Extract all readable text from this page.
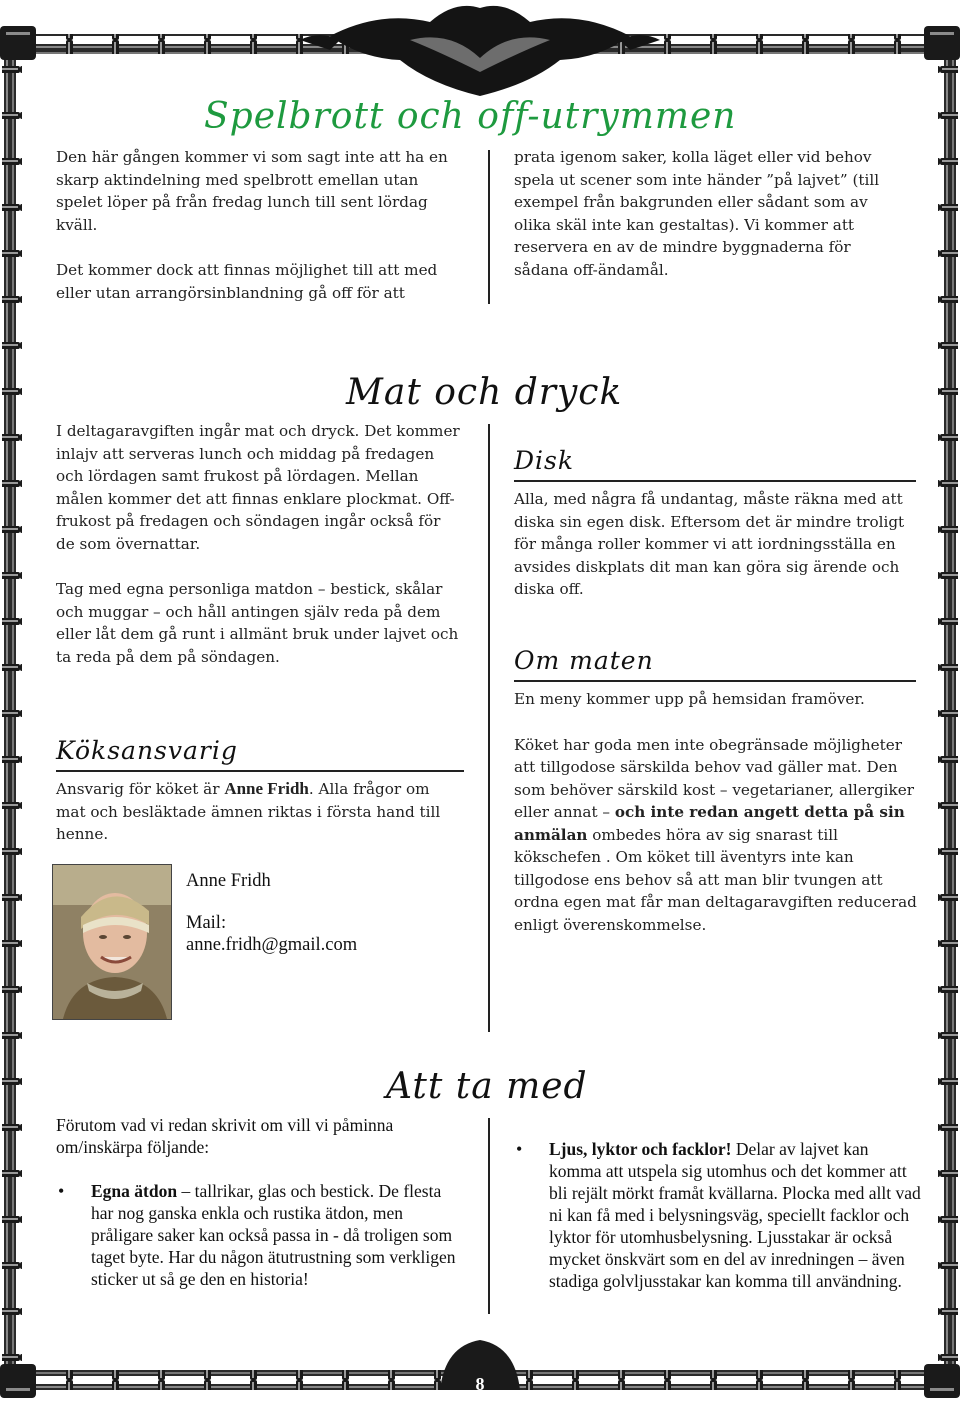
8
Spelbrott och off-utrymmen

Den här gången kommer vi som sagt inte att ha en skarp aktindelning med spelbrott emellan utan spelet löper på från fredag lunch till sent lördag kväll.

Det kommer dock att finnas möjlighet till att med eller utan arrangörsinblandning gå off för att

prata igenom saker, kolla läget eller vid behov spela ut scener som inte händer ”på lajvet” (till exempel från bakgrunden eller sådant som av olika skäl inte kan gestaltas). Vi kommer att reservera en av de mindre byggnaderna för sådana off-ändamål.

Mat och dryck

I deltagaravgiften ingår mat och dryck. Det kommer inlajv att serveras lunch och middag på fredagen och lördagen samt frukost på lördagen. Mellan målen kommer det att finnas enklare plockmat. Off-frukost på fredagen och söndagen ingår också för de som övernattar.

Tag med egna personliga matdon – bestick, skålar och muggar – och håll antingen själv reda på dem eller låt dem gå runt i allmänt bruk under lajvet och ta reda på dem på söndagen.

Köksansvarig
Ansvarig för köket är Anne Fridh. Alla frågor om mat och besläktade ämnen riktas i första hand till henne.
Anne Fridh
Mail:
anne.fridh@gmail.com
Disk

Alla, med några få undantag, måste räkna med att diska sin egen disk. Eftersom det är mindre troligt för många roller kommer vi att iordningsställa en avsides diskplats dit man kan göra sig ärende och diska off.

Om maten

En meny kommer upp på hemsidan framöver.

Köket har goda men inte obegränsade möjligheter att tillgodose särskilda behov vad gäller mat. Den som behöver särskild kost – vegetarianer, allergiker eller annat – och inte redan angett detta på sin anmälan ombedes höra av sig snarast till kökschefen . Om köket till äventyrs inte kan tillgodose ens behov så att man blir tvungen att ordna egen mat får man deltagaravgiften reducerad enligt överenskommelse.

Att ta med

Förutom vad vi redan skrivit om vill vi påminna om/inskärpa följande:

• Egna ätdon – tallrikar, glas och bestick. De flesta har nog ganska enkla och rustika ätdon, men pråligare saker kan också passa in - då troligen som taget byte. Har du någon ätutrustning som verkligen sticker ut så ge den en historia!
• Ljus, lyktor och facklor! Delar av lajvet kan komma att utspela sig utomhus och det kommer att bli rejält mörkt framåt kvällarna. Plocka med allt vad ni kan få med i belysningsväg, speciellt facklor och lyktor för utomhusbelysning. Ljusstakar är också mycket önskvärt som en del av inredningen – även stadiga golvljusstakar kan komma till användning.
